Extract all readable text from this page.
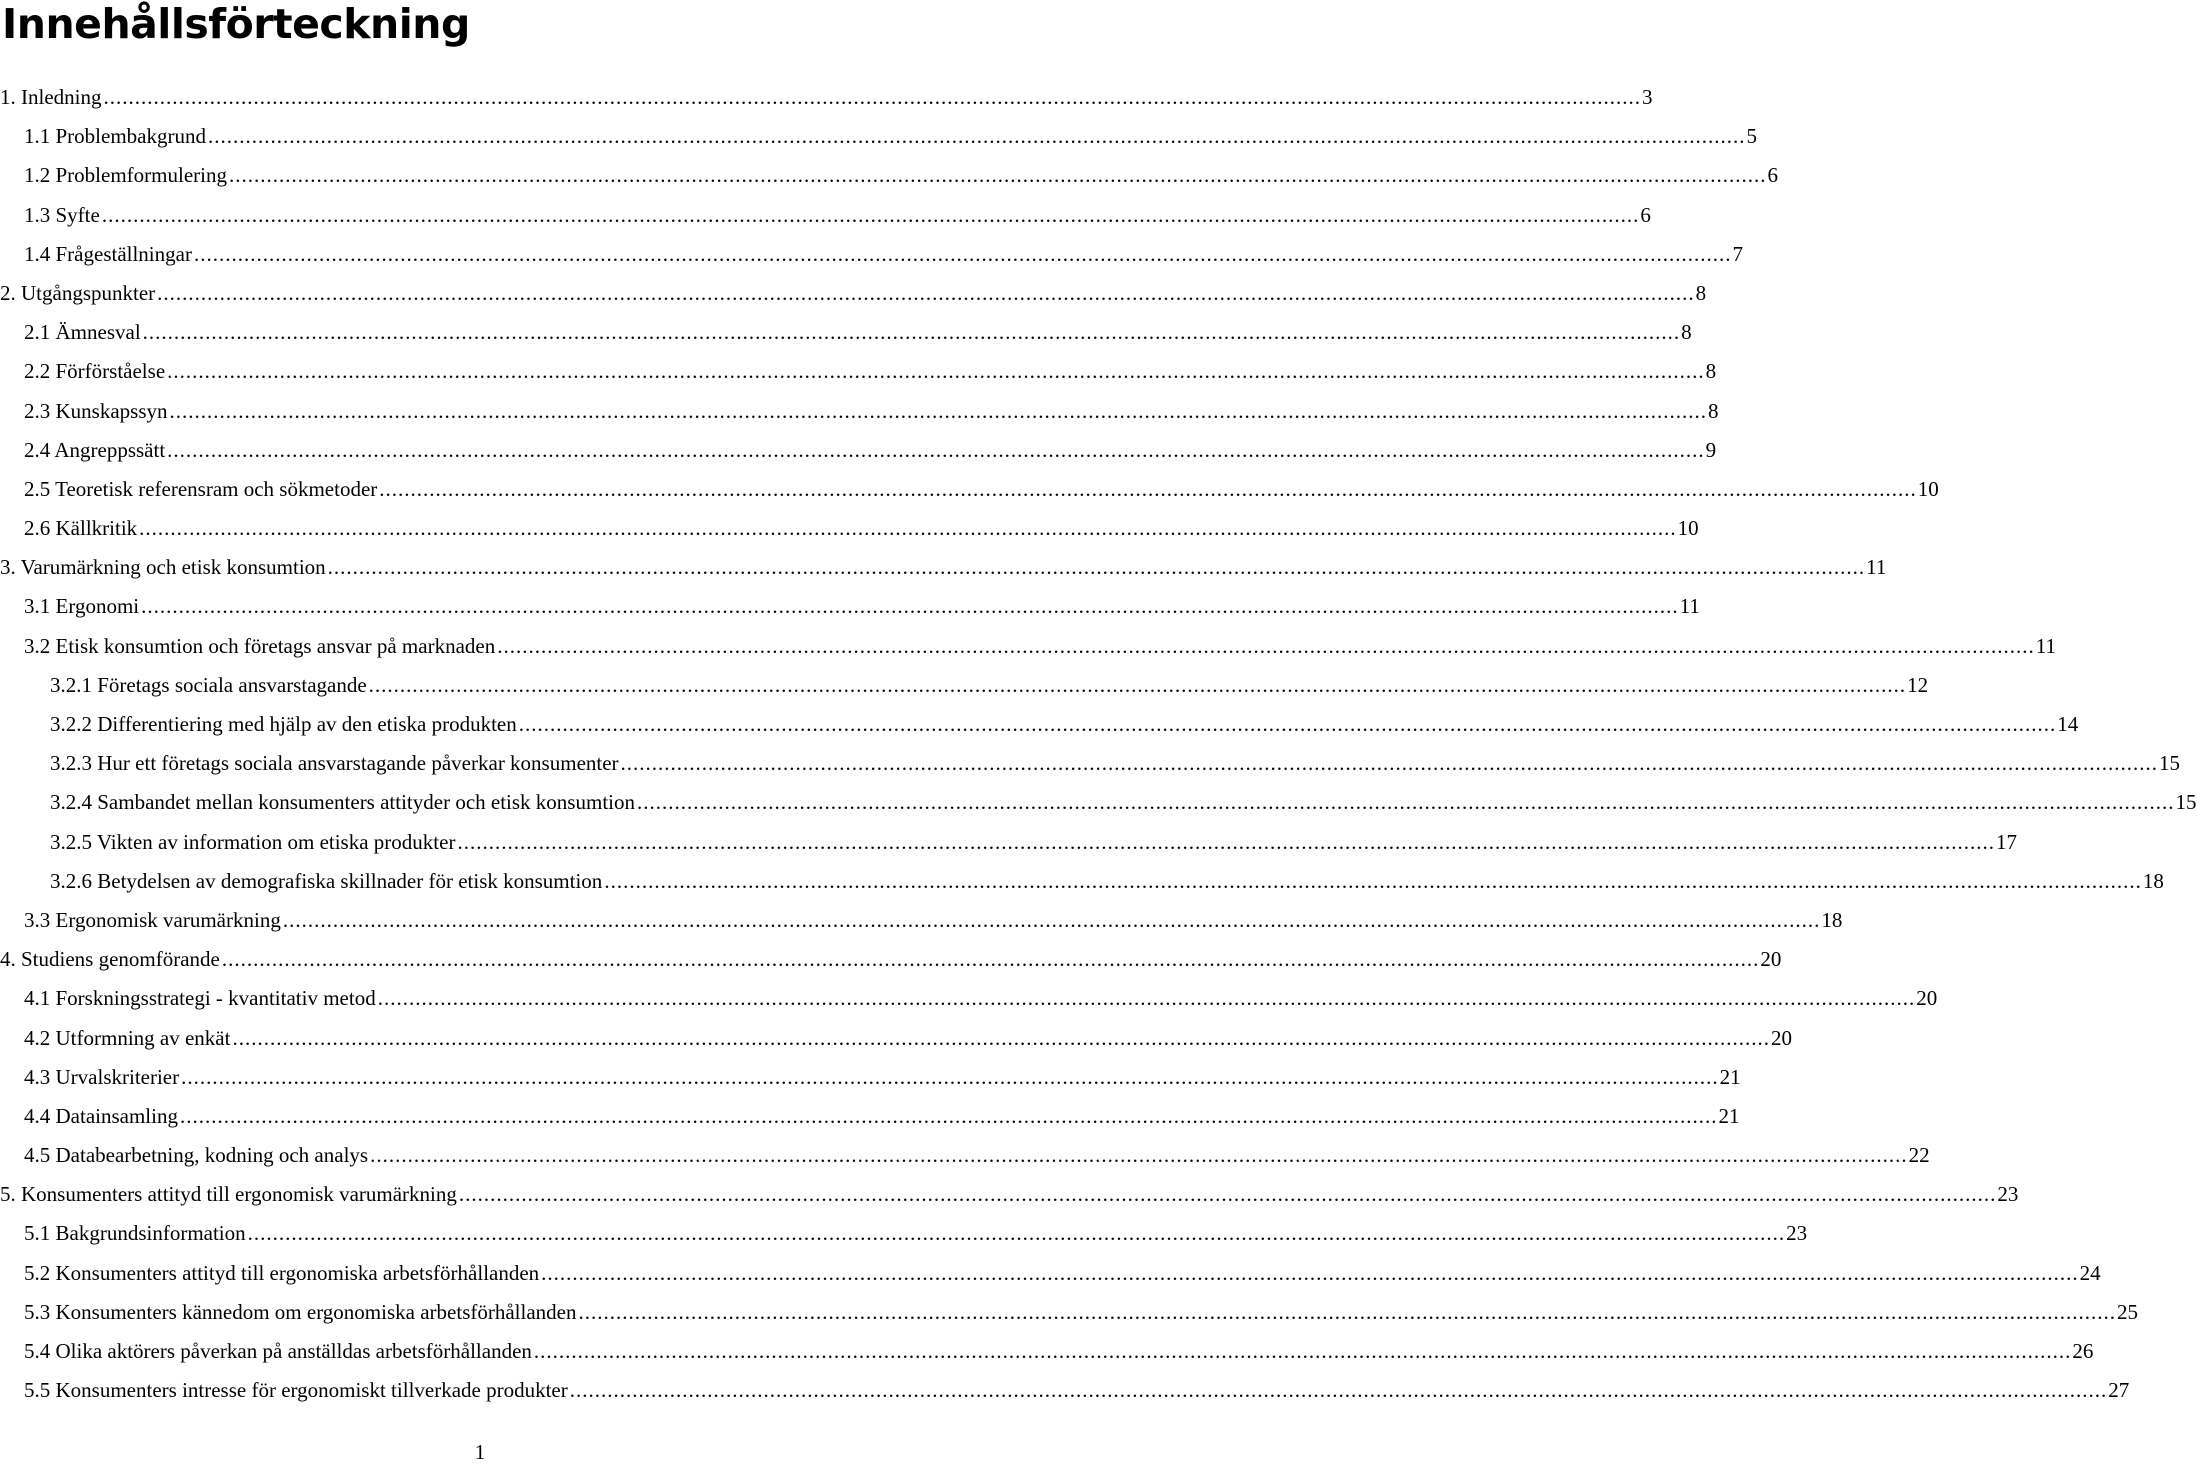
Innehållsförteckning
1. Inledning .....	3
1.1 Problembakgrund .....	5
1.2 Problemformulering .....	6
1.3 Syfte .....	6
1.4 Frågeställningar .....	7
2. Utgångspunkter .....	8
2.1 Ämnesval .....	8
2.2 Förförståelse .....	8
2.3 Kunskapssyn .....	8
2.4 Angreppssätt .....	9
2.5 Teoretisk referensram och sökmetoder .....	10
2.6 Källkritik .....	10
3. Varumärkning och etisk konsumtion .....	11
3.1 Ergonomi .....	11
3.2 Etisk konsumtion och företags ansvar på marknaden .....	11
3.2.1 Företags sociala ansvarstagande .....	12
3.2.2 Differentiering med hjälp av den etiska produkten .....	14
3.2.3 Hur ett företags sociala ansvarstagande påverkar konsumenter .....	15
3.2.4 Sambandet mellan konsumenters attityder och etisk konsumtion .....	15
3.2.5 Vikten av information om etiska produkter .....	17
3.2.6 Betydelsen av demografiska skillnader för etisk konsumtion .....	18
3.3 Ergonomisk varumärkning .....	18
4. Studiens genomförande .....	20
4.1 Forskningsstrategi - kvantitativ metod .....	20
4.2 Utformning av enkät .....	20
4.3 Urvalskriterier .....	21
4.4 Datainsamling .....	21
4.5 Databearbetning, kodning och analys .....	22
5. Konsumenters attityd till ergonomisk varumärkning .....	23
5.1 Bakgrundsinformation .....	23
5.2 Konsumenters attityd till ergonomiska arbetsförhållanden .....	24
5.3 Konsumenters kännedom om ergonomiska arbetsförhållanden .....	25
5.4 Olika aktörers påverkan på anställdas arbetsförhållanden .....	26
5.5 Konsumenters intresse för ergonomiskt tillverkade produkter .....	27
1
